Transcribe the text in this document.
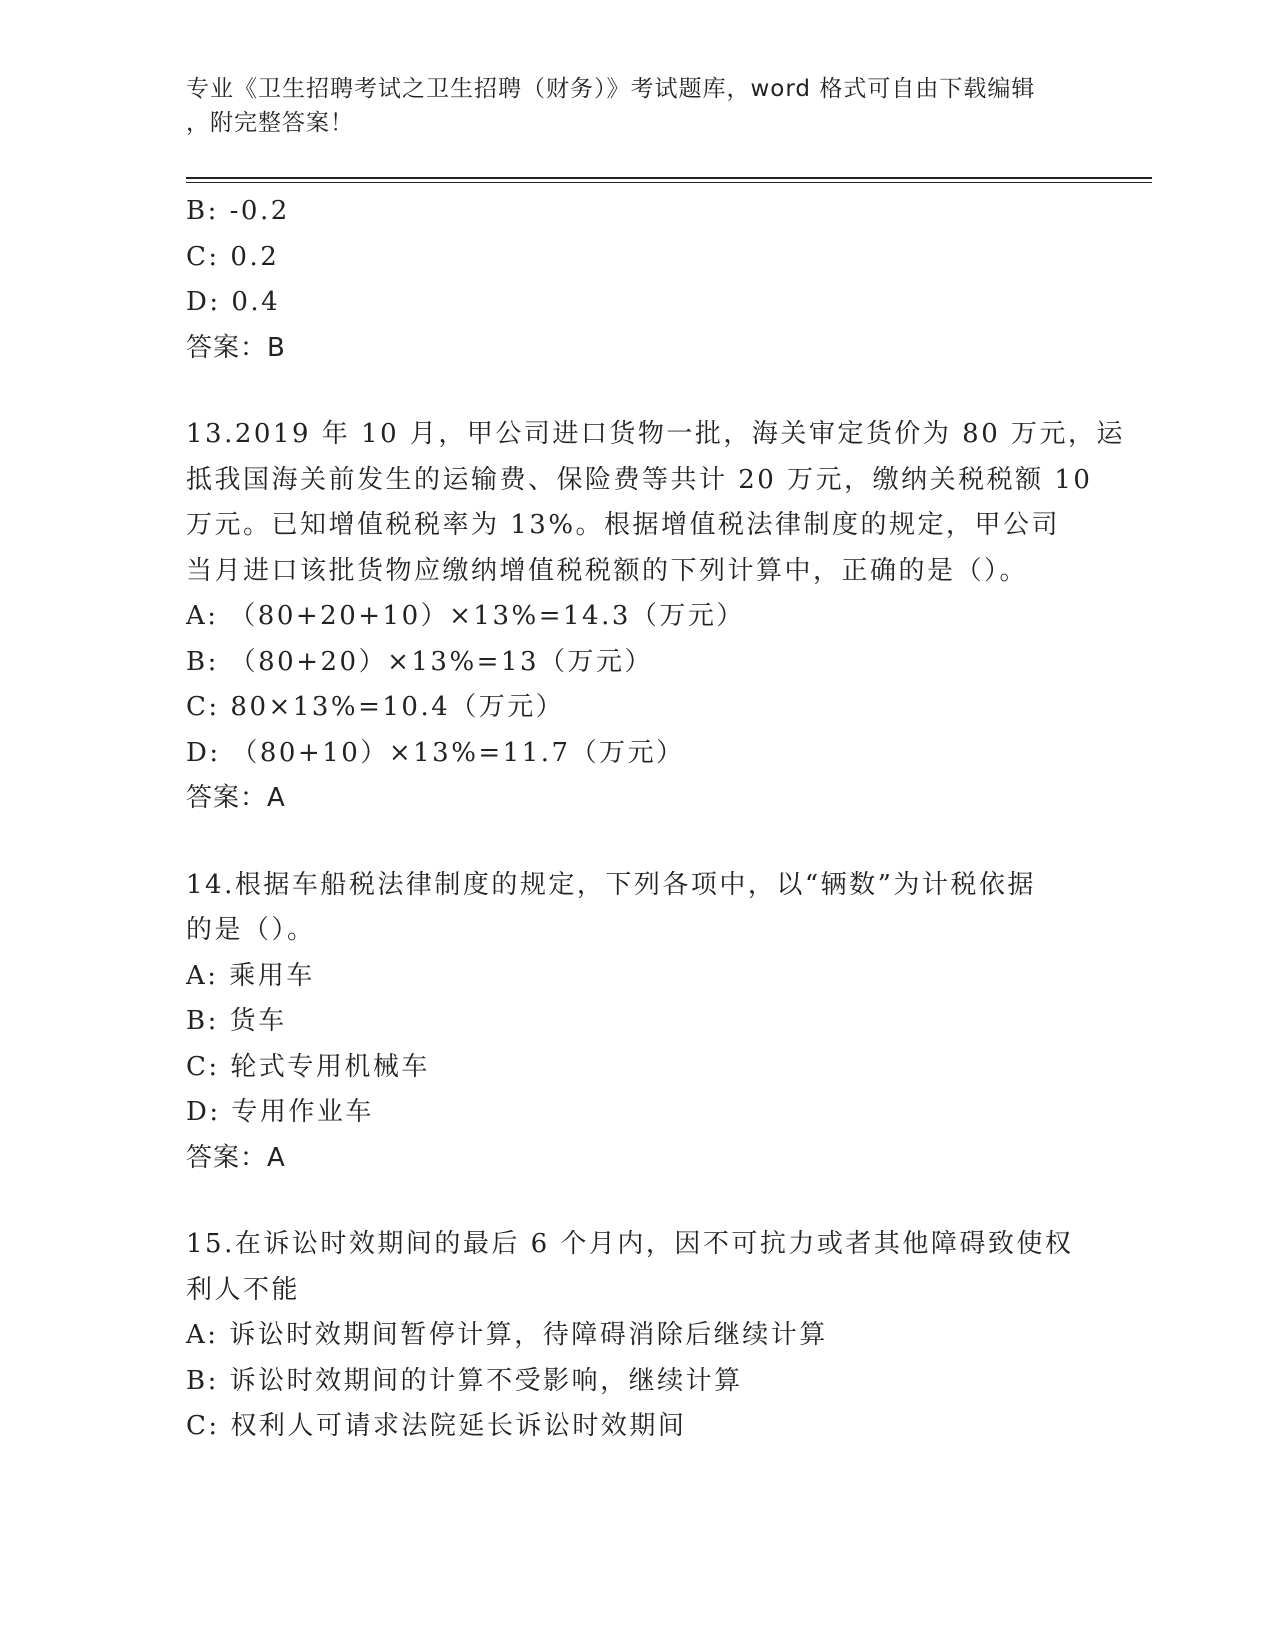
专业《卫生招聘考试之卫生招聘（财务）》考试题库，word 格式可自由下载编辑
，附完整答案！
B: -0.2
C: 0.2
D: 0.4
答案：B
13.2019 年 10 月，甲公司进口货物一批，海关审定货价为 80 万元，运
抵我国海关前发生的运输费、保险费等共计 20 万元，缴纳关税税额 10
万元。已知增值税税率为 13%。根据增值税法律制度的规定，甲公司
当月进口该批货物应缴纳增值税税额的下列计算中，正确的是（）。
A: （80+20+10）×13%=14.3（万元）
B: （80+20）×13%=13（万元）
C: 80×13%=10.4（万元）
D: （80+10）×13%=11.7（万元）
答案：A
14.根据车船税法律制度的规定，下列各项中，以“辆数”为计税依据
的是（）。
A: 乘用车
B: 货车
C: 轮式专用机械车
D: 专用作业车
答案：A
15.在诉讼时效期间的最后 6 个月内，因不可抗力或者其他障碍致使权
利人不能
A: 诉讼时效期间暂停计算，待障碍消除后继续计算
B: 诉讼时效期间的计算不受影响，继续计算
C: 权利人可请求法院延长诉讼时效期间
